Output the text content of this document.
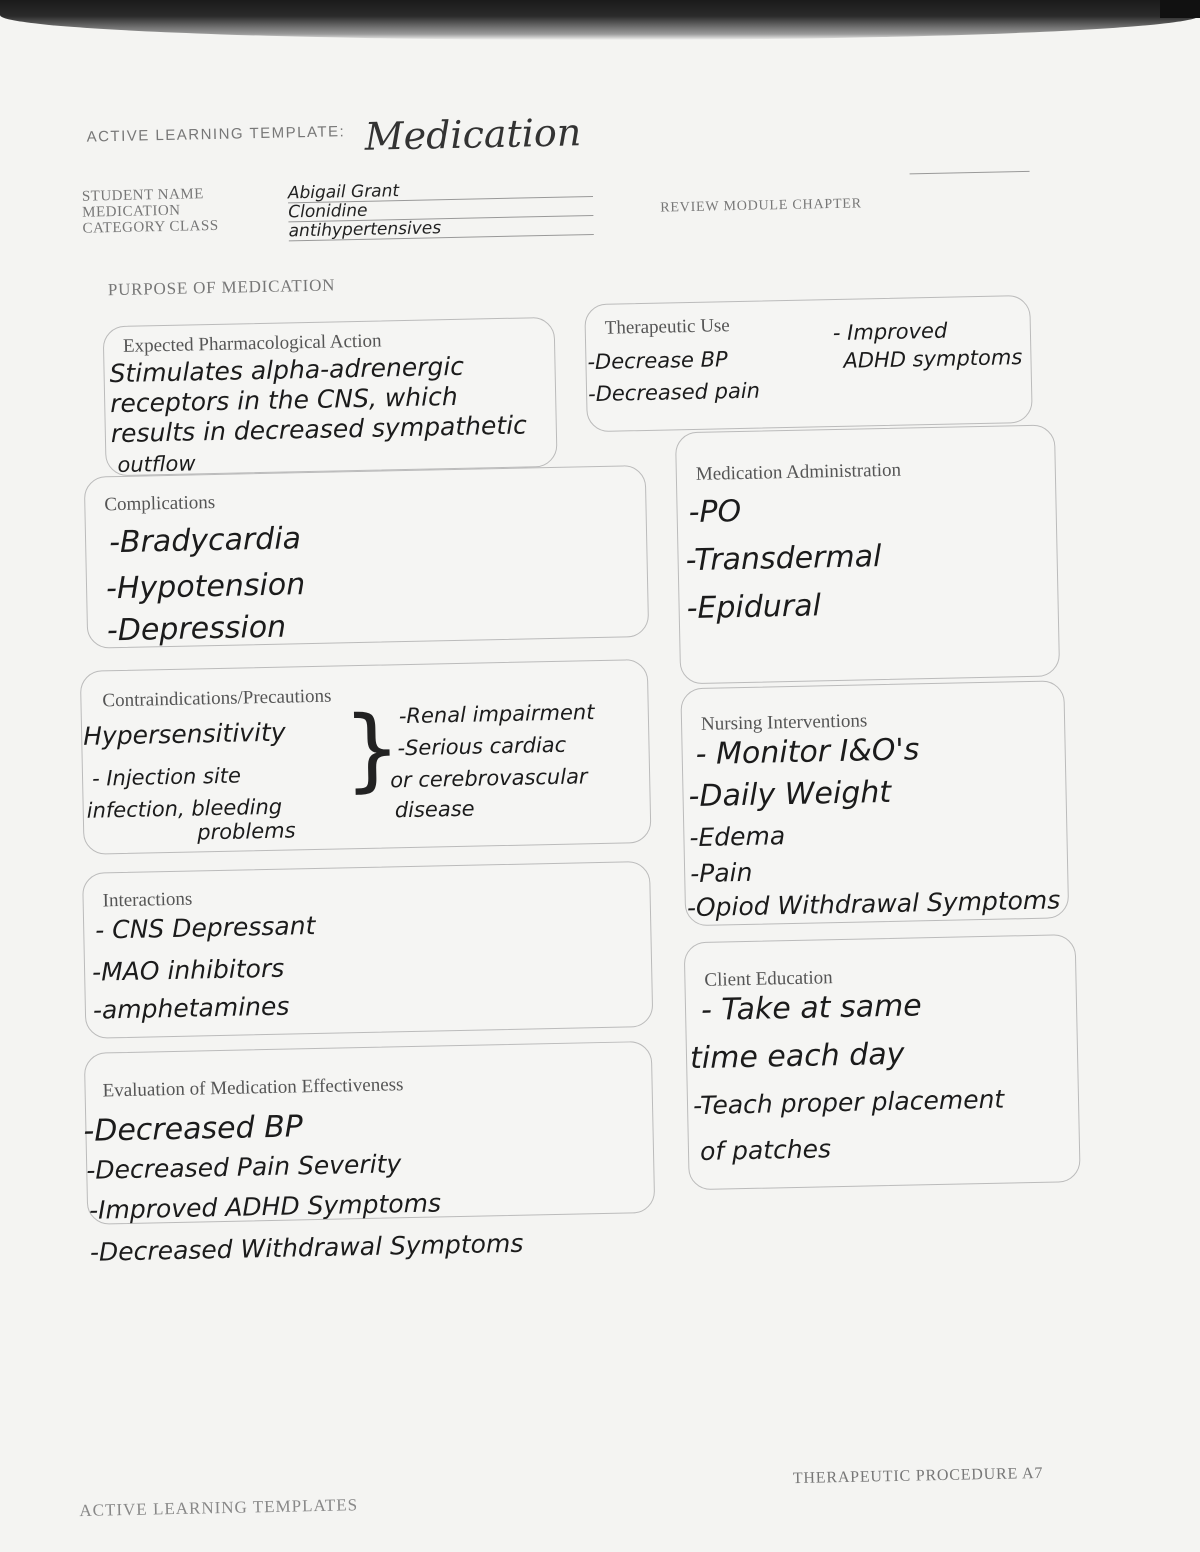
ACTIVE LEARNING TEMPLATE: Medication
STUDENT NAME
MEDICATION
CATEGORY CLASS
Abigail Grant
Clonidine
antihypertensives
REVIEW MODULE CHAPTER
PURPOSE OF MEDICATION
Expected Pharmacological Action
Stimulates alpha-adrenergic
receptors in the CNS, which
results in decreased sympathetic
outflow
Therapeutic Use
-Decrease BP
-Decreased pain
- Improved
ADHD symptoms
Complications
-Bradycardia
-Hypotension
-Depression
Medication Administration
-PO
-Transdermal
-Epidural
Contraindications/Precautions
Hypersensitivity
- Injection site
infection, bleeding
problems
}
-Renal impairment
-Serious cardiac
or cerebrovascular
disease
Nursing Interventions
- Monitor I&O's
-Daily Weight
-Edema
-Pain
-Opiod Withdrawal Symptoms
Interactions
- CNS Depressant
-MAO inhibitors
-amphetamines
Client Education
- Take at same
time each day
-Teach proper placement
of patches
Evaluation of Medication Effectiveness
-Decreased BP
-Decreased Pain Severity
-Improved ADHD Symptoms
-Decreased Withdrawal Symptoms
ACTIVE LEARNING TEMPLATES
THERAPEUTIC PROCEDURE A7
